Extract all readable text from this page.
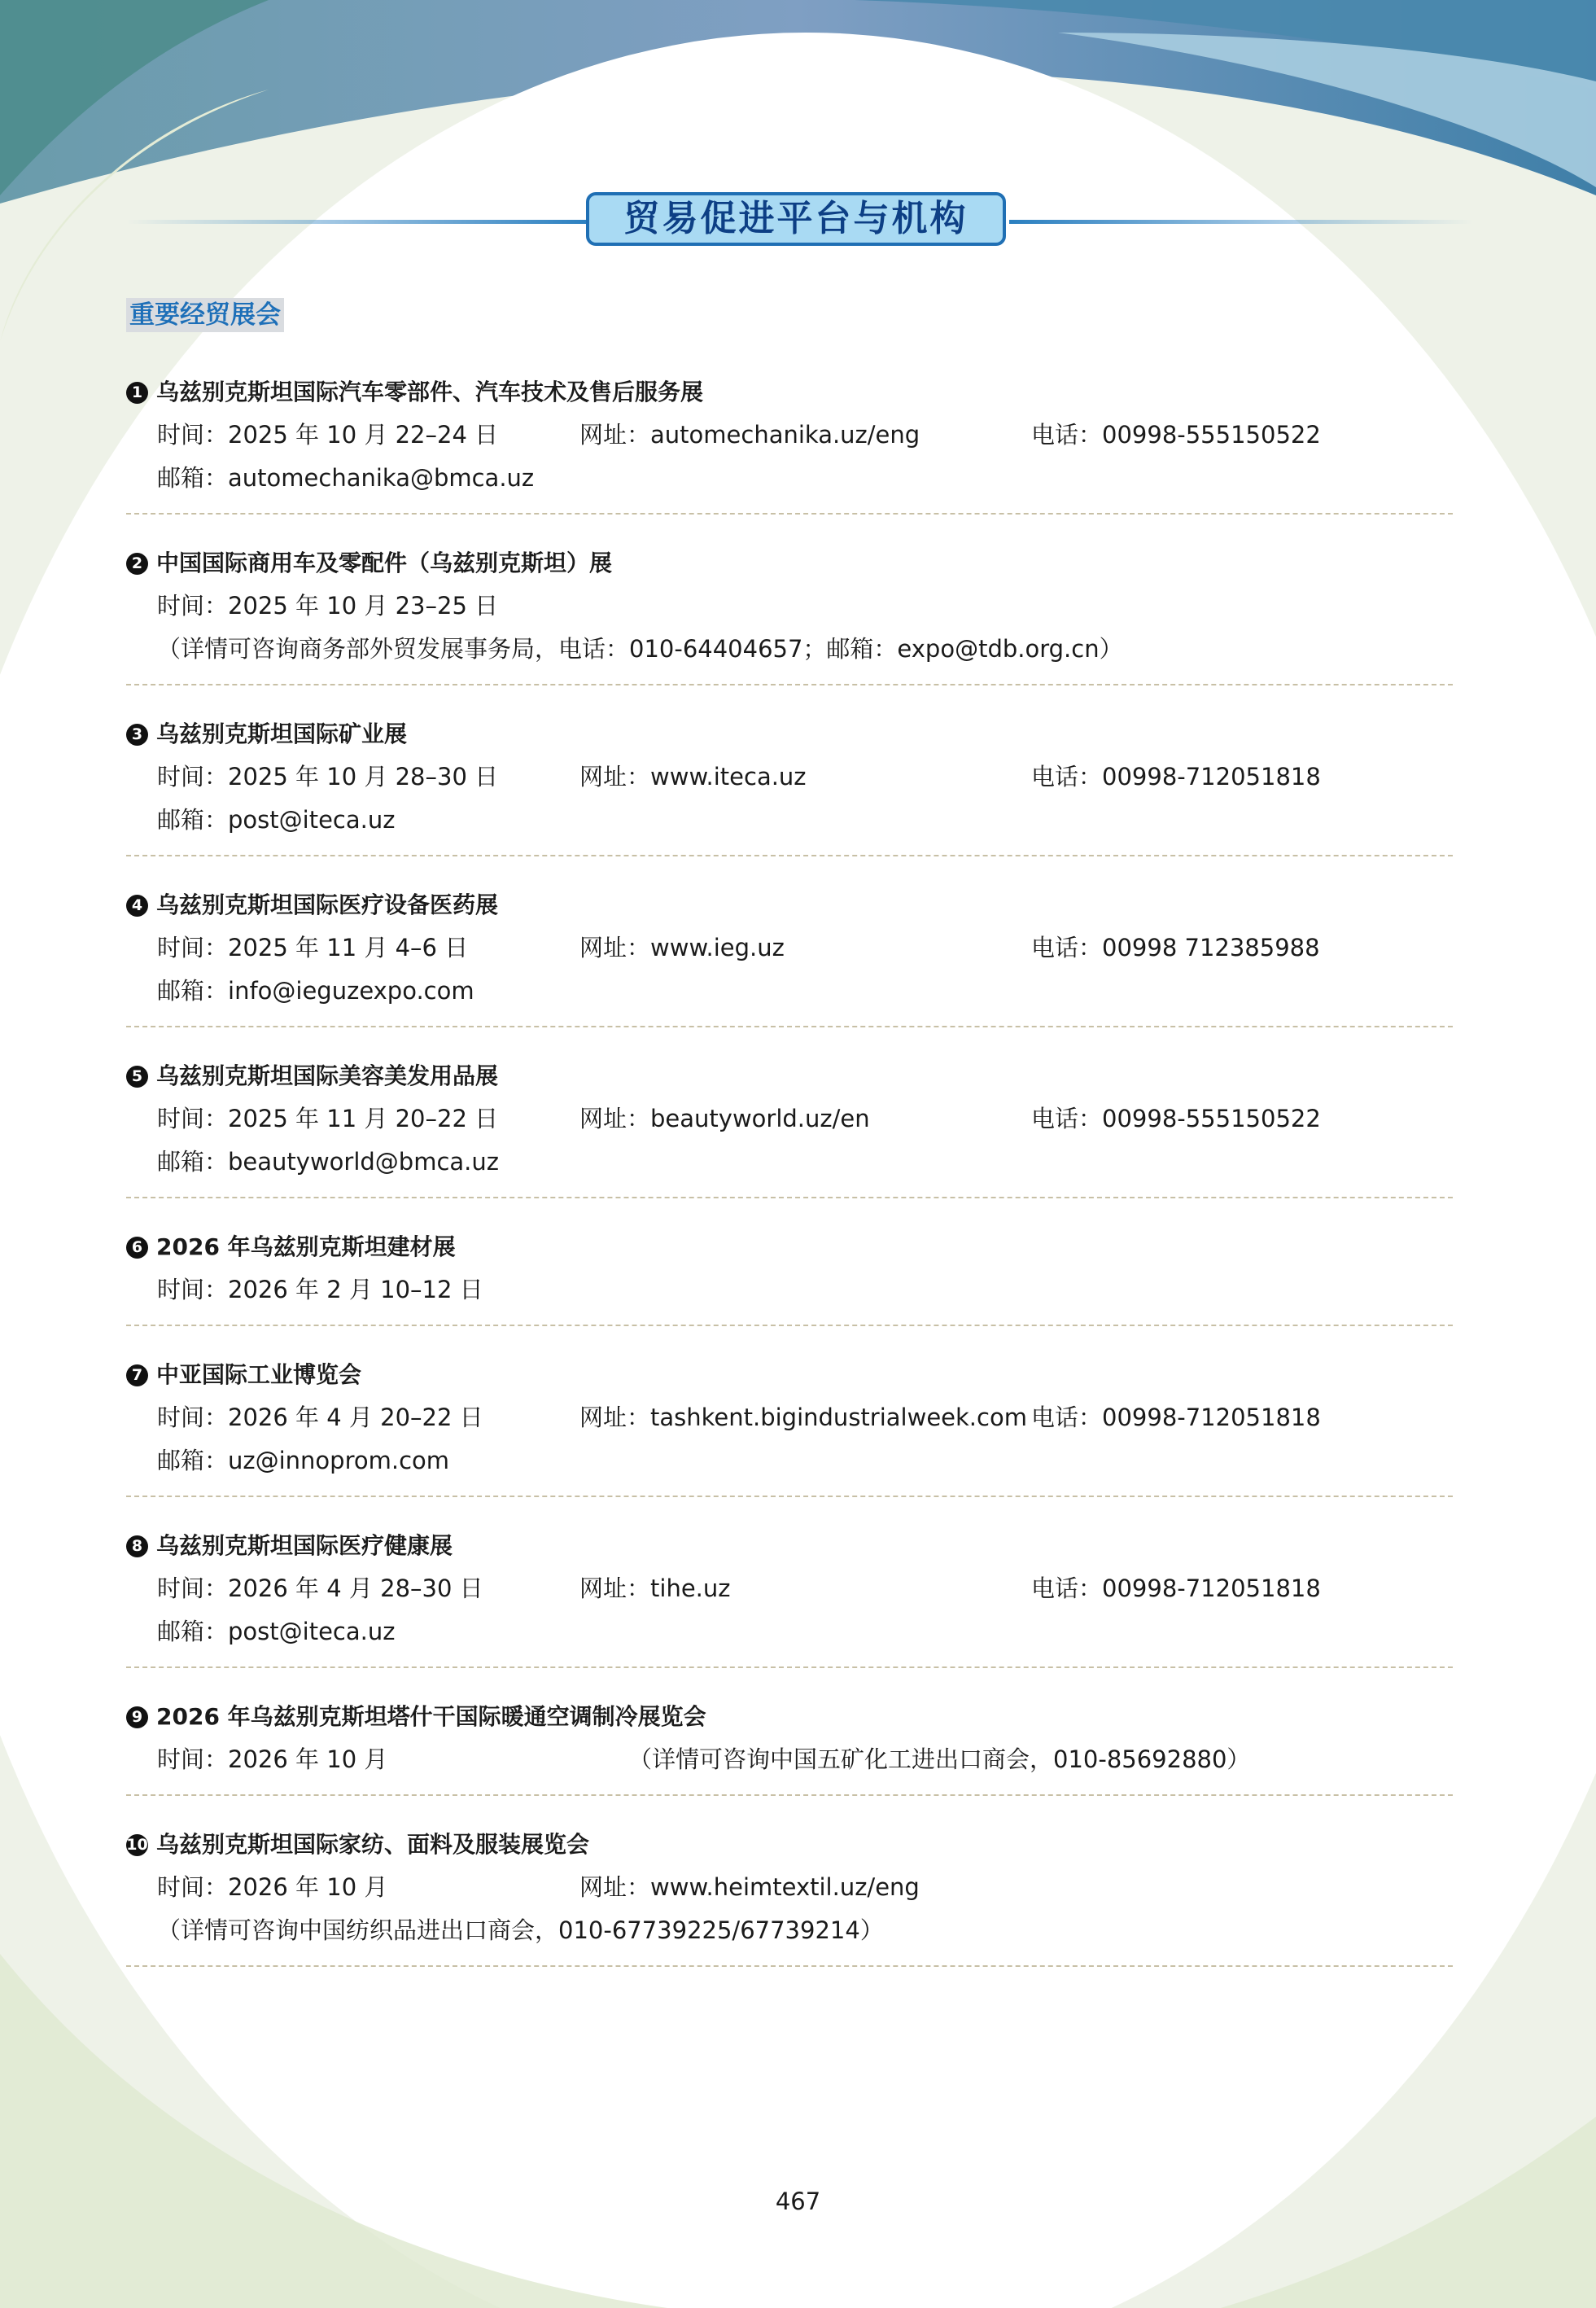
贸易促进平台与机构
重要经贸展会
1 乌兹别克斯坦国际汽车零部件、汽车技术及售后服务展
时间：2025 年 10 月 22–24 日	网址：automechanika.uz/eng	电话：00998-555150522
邮箱：automechanika@bmca.uz
2 中国国际商用车及零配件（乌兹别克斯坦）展
时间：2025 年 10 月 23–25 日
（详情可咨询商务部外贸发展事务局，电话：010-64404657；邮箱：expo@tdb.org.cn）
3 乌兹别克斯坦国际矿业展
时间：2025 年 10 月 28–30 日	网址：www.iteca.uz	电话：00998-712051818
邮箱：post@iteca.uz
4 乌兹别克斯坦国际医疗设备医药展
时间：2025 年 11 月 4–6 日	网址：www.ieg.uz	电话：00998 712385988
邮箱：info@ieguzexpo.com
5 乌兹别克斯坦国际美容美发用品展
时间：2025 年 11 月 20–22 日	网址：beautyworld.uz/en	电话：00998-555150522
邮箱：beautyworld@bmca.uz
6 2026 年乌兹别克斯坦建材展
时间：2026 年 2 月 10–12 日
7 中亚国际工业博览会
时间：2026 年 4 月 20–22 日	网址：tashkent.bigindustrialweek.com 电话：00998-712051818
邮箱：uz@innoprom.com
8 乌兹别克斯坦国际医疗健康展
时间：2026 年 4 月 28–30 日	网址：tihe.uz	电话：00998-712051818
邮箱：post@iteca.uz
9 2026 年乌兹别克斯坦塔什干国际暖通空调制冷展览会
时间：2026 年 10 月	（详情可咨询中国五矿化工进出口商会，010-85692880）
10 乌兹别克斯坦国际家纺、面料及服装展览会
时间：2026 年 10 月	网址：www.heimtextil.uz/eng
（详情可咨询中国纺织品进出口商会，010-67739225/67739214）
467
